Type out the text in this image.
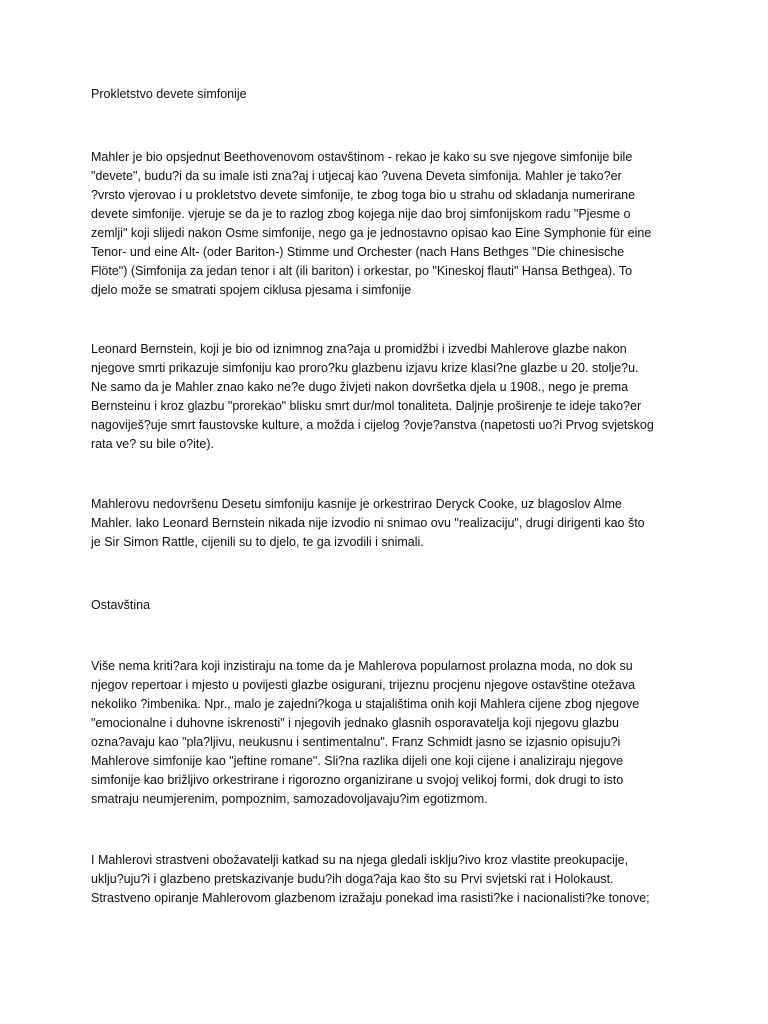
Prokletstvo devete simfonije
Mahler je bio opsjednut Beethovenovom ostavštinom - rekao je kako su sve njegove simfonije bile
"devete", budu?i da su imale isti zna?aj i utjecaj kao ?uvena Deveta simfonija. Mahler je tako?er
?vrsto vjerovao i u prokletstvo devete simfonije, te zbog toga bio u strahu od skladanja numerirane
devete simfonije. vjeruje se da je to razlog zbog kojega nije dao broj simfonijskom radu "Pjesme o
zemlji" koji slijedi nakon Osme simfonije, nego ga je jednostavno opisao kao Eine Symphonie für eine
Tenor- und eine Alt- (oder Bariton-) Stimme und Orchester (nach Hans Bethges "Die chinesische
Flöte") (Simfonija za jedan tenor i alt (ili bariton) i orkestar, po "Kineskoj flauti" Hansa Bethgea). To
djelo može se smatrati spojem ciklusa pjesama i simfonije
Leonard Bernstein, koji je bio od iznimnog zna?aja u promidžbi i izvedbi Mahlerove glazbe nakon
njegove smrti prikazuje simfoniju kao proro?ku glazbenu izjavu krize klasi?ne glazbe u 20. stolje?u.
Ne samo da je Mahler znao kako ne?e dugo živjeti nakon dovršetka djela u 1908., nego je prema
Bernsteinu i kroz glazbu "prorekao" blisku smrt dur/mol tonaliteta. Daljnje proširenje te ideje tako?er
nagoviješ?uje smrt faustovske kulture, a možda i cijelog ?ovje?anstva (napetosti uo?i Prvog svjetskog
rata ve? su bile o?ite).
Mahlerovu nedovršenu Desetu simfoniju kasnije je orkestrirao Deryck Cooke, uz blagoslov Alme
Mahler. Iako Leonard Bernstein nikada nije izvodio ni snimao ovu "realizaciju", drugi dirigenti kao što
je Sir Simon Rattle, cijenili su to djelo, te ga izvodili i snimali.
Ostavština
Više nema kriti?ara koji inzistiraju na tome da je Mahlerova popularnost prolazna moda, no dok su
njegov repertoar i mjesto u povijesti glazbe osigurani, trijeznu procjenu njegove ostavštine otežava
nekoliko ?imbenika. Npr., malo je zajedni?koga u stajalištima onih koji Mahlera cijene zbog njegove
"emocionalne i duhovne iskrenosti" i njegovih jednako glasnih osporavatelja koji njegovu glazbu
ozna?avaju kao "pla?ljivu, neukusnu i sentimentalnu". Franz Schmidt jasno se izjasnio opisuju?i
Mahlerove simfonije kao "jeftine romane". Sli?na razlika dijeli one koji cijene i analiziraju njegove
simfonije kao brižljivo orkestrirane i rigorozno organizirane u svojoj velikoj formi, dok drugi to isto
smatraju neumjerenim, pompoznim, samozadovoljavaju?im egotizmom.
I Mahlerovi strastveni obožavatelji katkad su na njega gledali isklju?ivo kroz vlastite preokupacije,
uklju?uju?i i glazbeno pretskazivanje budu?ih doga?aja kao što su Prvi svjetski rat i Holokaust.
Strastveno opiranje Mahlerovom glazbenom izražaju ponekad ima rasisti?ke i nacionalisti?ke tonove;
